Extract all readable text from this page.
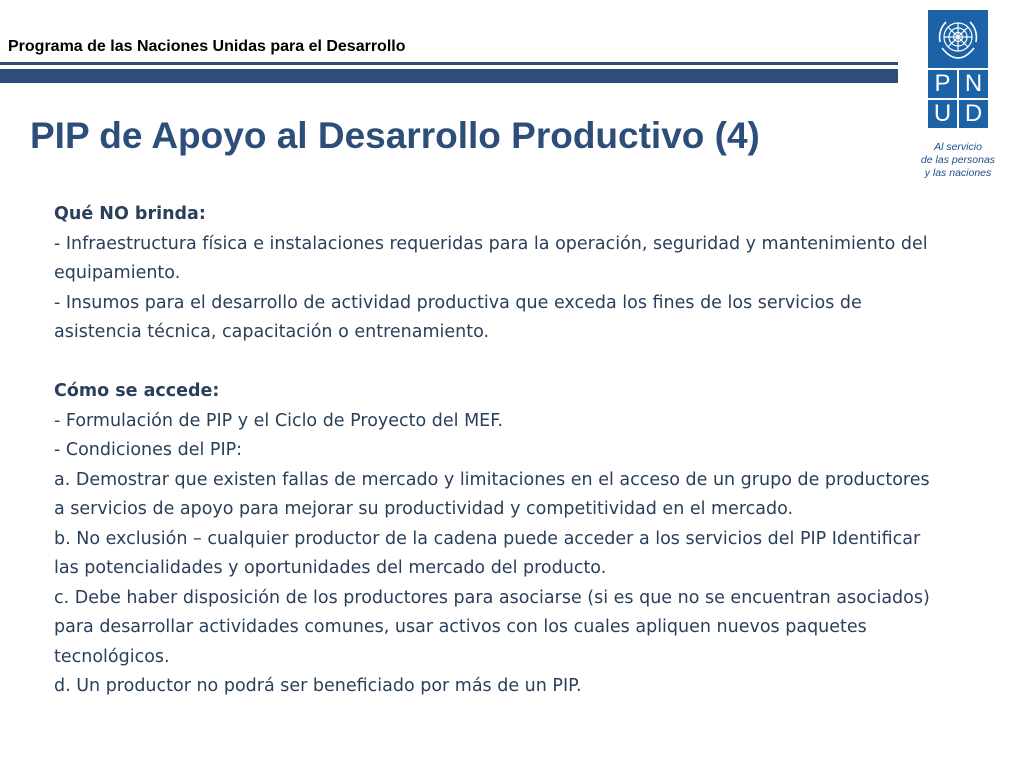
Programa de las Naciones Unidas para el Desarrollo
P N
U D
Al servicio
de las personas
y las naciones
PIP de Apoyo al Desarrollo Productivo (4)

Qué NO brinda:

- Infraestructura física e instalaciones requeridas para la operación, seguridad y mantenimiento del equipamiento.

- Insumos para el desarrollo de actividad productiva que exceda los fines de los servicios de asistencia técnica, capacitación o entrenamiento.

Cómo se accede:

- Formulación de PIP y el Ciclo de Proyecto del MEF.

- Condiciones del PIP:

a. Demostrar que existen fallas de mercado y limitaciones en el acceso de un grupo de productores a servicios de apoyo para mejorar su productividad y competitividad en el mercado.

b. No exclusión – cualquier productor de la cadena puede acceder a los servicios del PIP Identificar las potencialidades y oportunidades del mercado del producto.

c. Debe haber disposición de los productores para asociarse (si es que no se encuentran asociados) para desarrollar actividades comunes, usar activos con los cuales apliquen nuevos paquetes tecnológicos.

d. Un productor no podrá ser beneficiado por más de un PIP.
